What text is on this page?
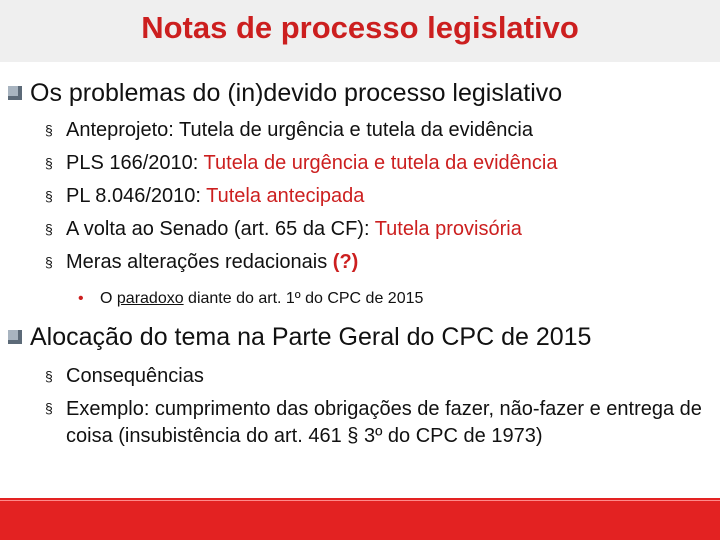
Notas de processo legislativo
Os problemas do (in)devido processo legislativo
§ Anteprojeto: Tutela de urgência e tutela da evidência
§ PLS 166/2010: Tutela de urgência e tutela da evidência
§ PL 8.046/2010: Tutela antecipada
§ A volta ao Senado (art. 65 da CF): Tutela provisória
§ Meras alterações redacionais (?)
• O paradoxo diante do art. 1º do CPC de 2015
Alocação do tema na Parte Geral do CPC de 2015
§ Consequências
§ Exemplo: cumprimento das obrigações de fazer, não-fazer e entrega de coisa (insubistência do art. 461 § 3º do CPC de 1973)
